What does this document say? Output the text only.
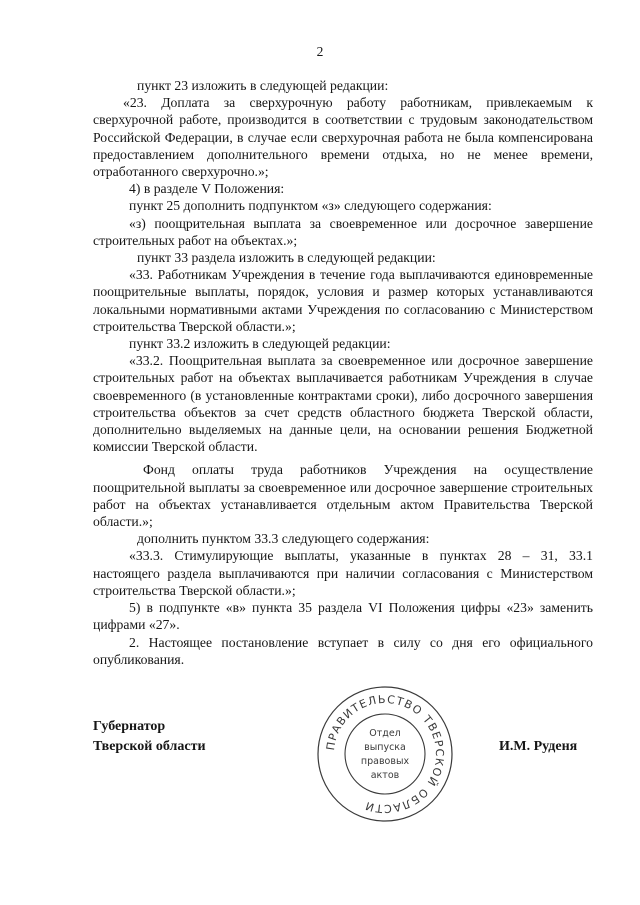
2

пункт 23 изложить в следующей редакции:

«23. Доплата за сверхурочную работу работникам, привлекаемым к сверхурочной работе, производится в соответствии с трудовым законодательством Российской Федерации, в случае если сверхурочная работа не была компенсирована предоставлением дополнительного времени отдыха, но не менее времени, отработанного сверхурочно.»;

4) в разделе V Положения:

пункт 25 дополнить подпунктом «з» следующего содержания:

«з) поощрительная выплата за своевременное или досрочное завершение строительных работ на объектах.»;

пункт 33 раздела изложить в следующей редакции:

«33. Работникам Учреждения в течение года выплачиваются единовременные поощрительные выплаты, порядок, условия и размер которых устанавливаются локальными нормативными актами Учреждения по согласованию с Министерством строительства Тверской области.»;

пункт 33.2 изложить в следующей редакции:

«33.2. Поощрительная выплата за своевременное или досрочное завершение строительных работ на объектах выплачивается работникам Учреждения в случае своевременного (в установленные контрактами сроки), либо досрочного завершения строительства объектов за счет средств областного бюджета Тверской области, дополнительно выделяемых на данные цели, на основании решения Бюджетной комиссии Тверской области.

Фонд оплаты труда работников Учреждения на осуществление поощрительной выплаты за своевременное или досрочное завершение строительных работ на объектах устанавливается отдельным актом Правительства Тверской области.»;

дополнить пунктом 33.3 следующего содержания:

«33.3. Стимулирующие выплаты, указанные в пунктах 28 – 31, 33.1 настоящего раздела выплачиваются при наличии согласования с Министерством строительства Тверской области.»;

5) в подпункте «в» пункта 35 раздела VI Положения цифры «23» заменить цифрами «27».

2. Настоящее постановление вступает в силу со дня его официального опубликования.

Губернатор
Тверской области	И.М. Руденя
ПРАВИТЕЛЬСТВО ТВЕРСКОЙ ОБЛАСТИ
Отдел
выпуска
правовых
актов
